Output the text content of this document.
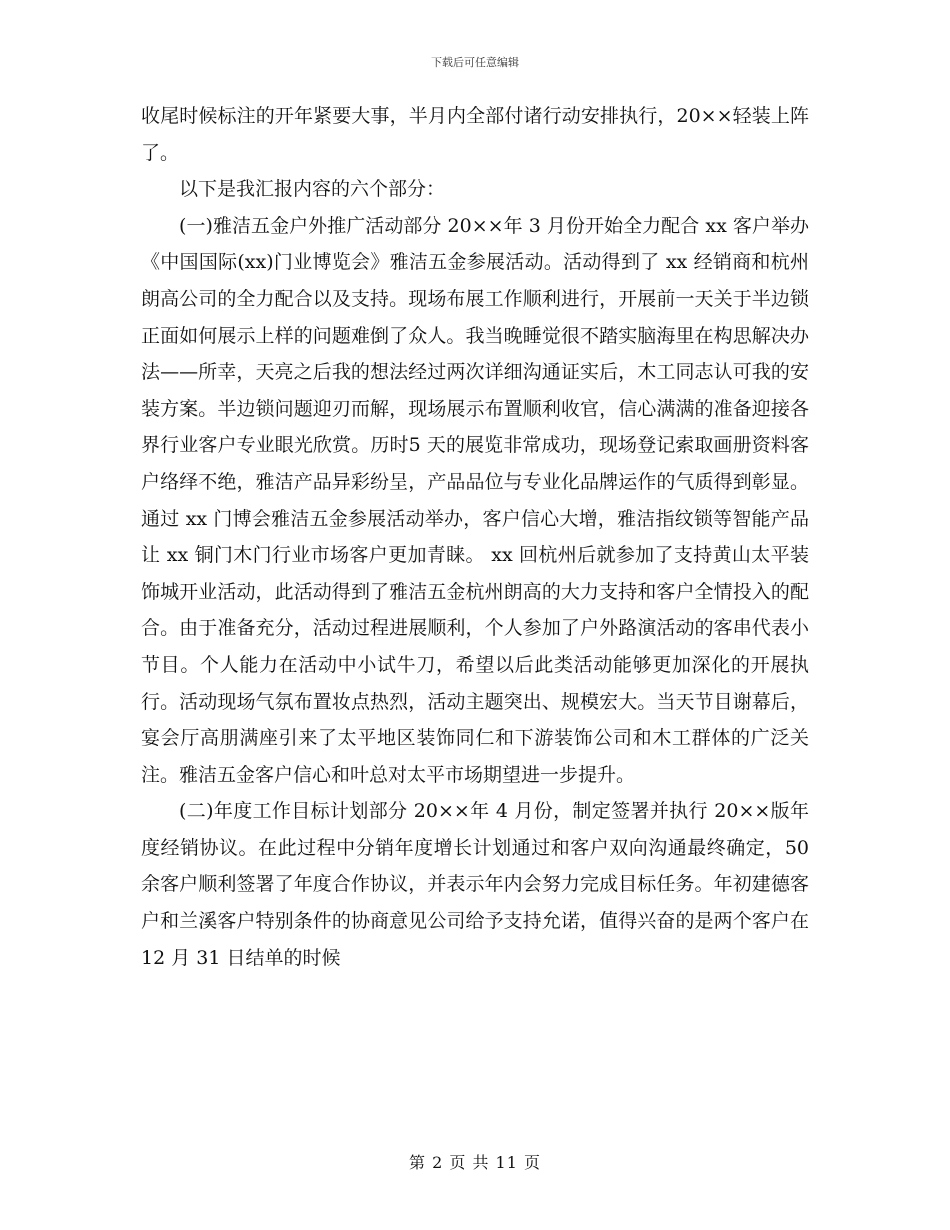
下载后可任意编辑

收尾时候标注的开年紧要大事，半月内全部付诸行动安排执行，20××轻装上阵了。

以下是我汇报内容的六个部分：

(一)雅洁五金户外推广活动部分 20××年 3 月份开始全力配合 xx 客户举办《中国国际(xx)门业博览会》雅洁五金参展活动。活动得到了 xx 经销商和杭州朗高公司的全力配合以及支持。现场布展工作顺利进行，开展前一天关于半边锁正面如何展示上样的问题难倒了众人。我当晚睡觉很不踏实脑海里在构思解决办法——所幸，天亮之后我的想法经过两次详细沟通证实后，木工同志认可我的安装方案。半边锁问题迎刃而解，现场展示布置顺利收官，信心满满的准备迎接各界行业客户专业眼光欣赏。历时5 天的展览非常成功，现场登记索取画册资料客户络绎不绝，雅洁产品异彩纷呈，产品品位与专业化品牌运作的气质得到彰显。通过 xx 门博会雅洁五金参展活动举办，客户信心大增，雅洁指纹锁等智能产品让 xx 铜门木门行业市场客户更加青睐。 xx 回杭州后就参加了支持黄山太平装饰城开业活动，此活动得到了雅洁五金杭州朗高的大力支持和客户全情投入的配合。由于准备充分，活动过程进展顺利，个人参加了户外路演活动的客串代表小节目。个人能力在活动中小试牛刀，希望以后此类活动能够更加深化的开展执行。活动现场气氛布置妆点热烈，活动主题突出、规模宏大。当天节目谢幕后，宴会厅高朋满座引来了太平地区装饰同仁和下游装饰公司和木工群体的广泛关注。雅洁五金客户信心和叶总对太平市场期望进一步提升。

(二)年度工作目标计划部分 20××年 4 月份，制定签署并执行 20××版年度经销协议。在此过程中分销年度增长计划通过和客户双向沟通最终确定，50 余客户顺利签署了年度合作协议，并表示年内会努力完成目标任务。年初建德客户和兰溪客户特别条件的协商意见公司给予支持允诺，值得兴奋的是两个客户在 12 月 31 日结单的时候

第 2 页 共 11 页
